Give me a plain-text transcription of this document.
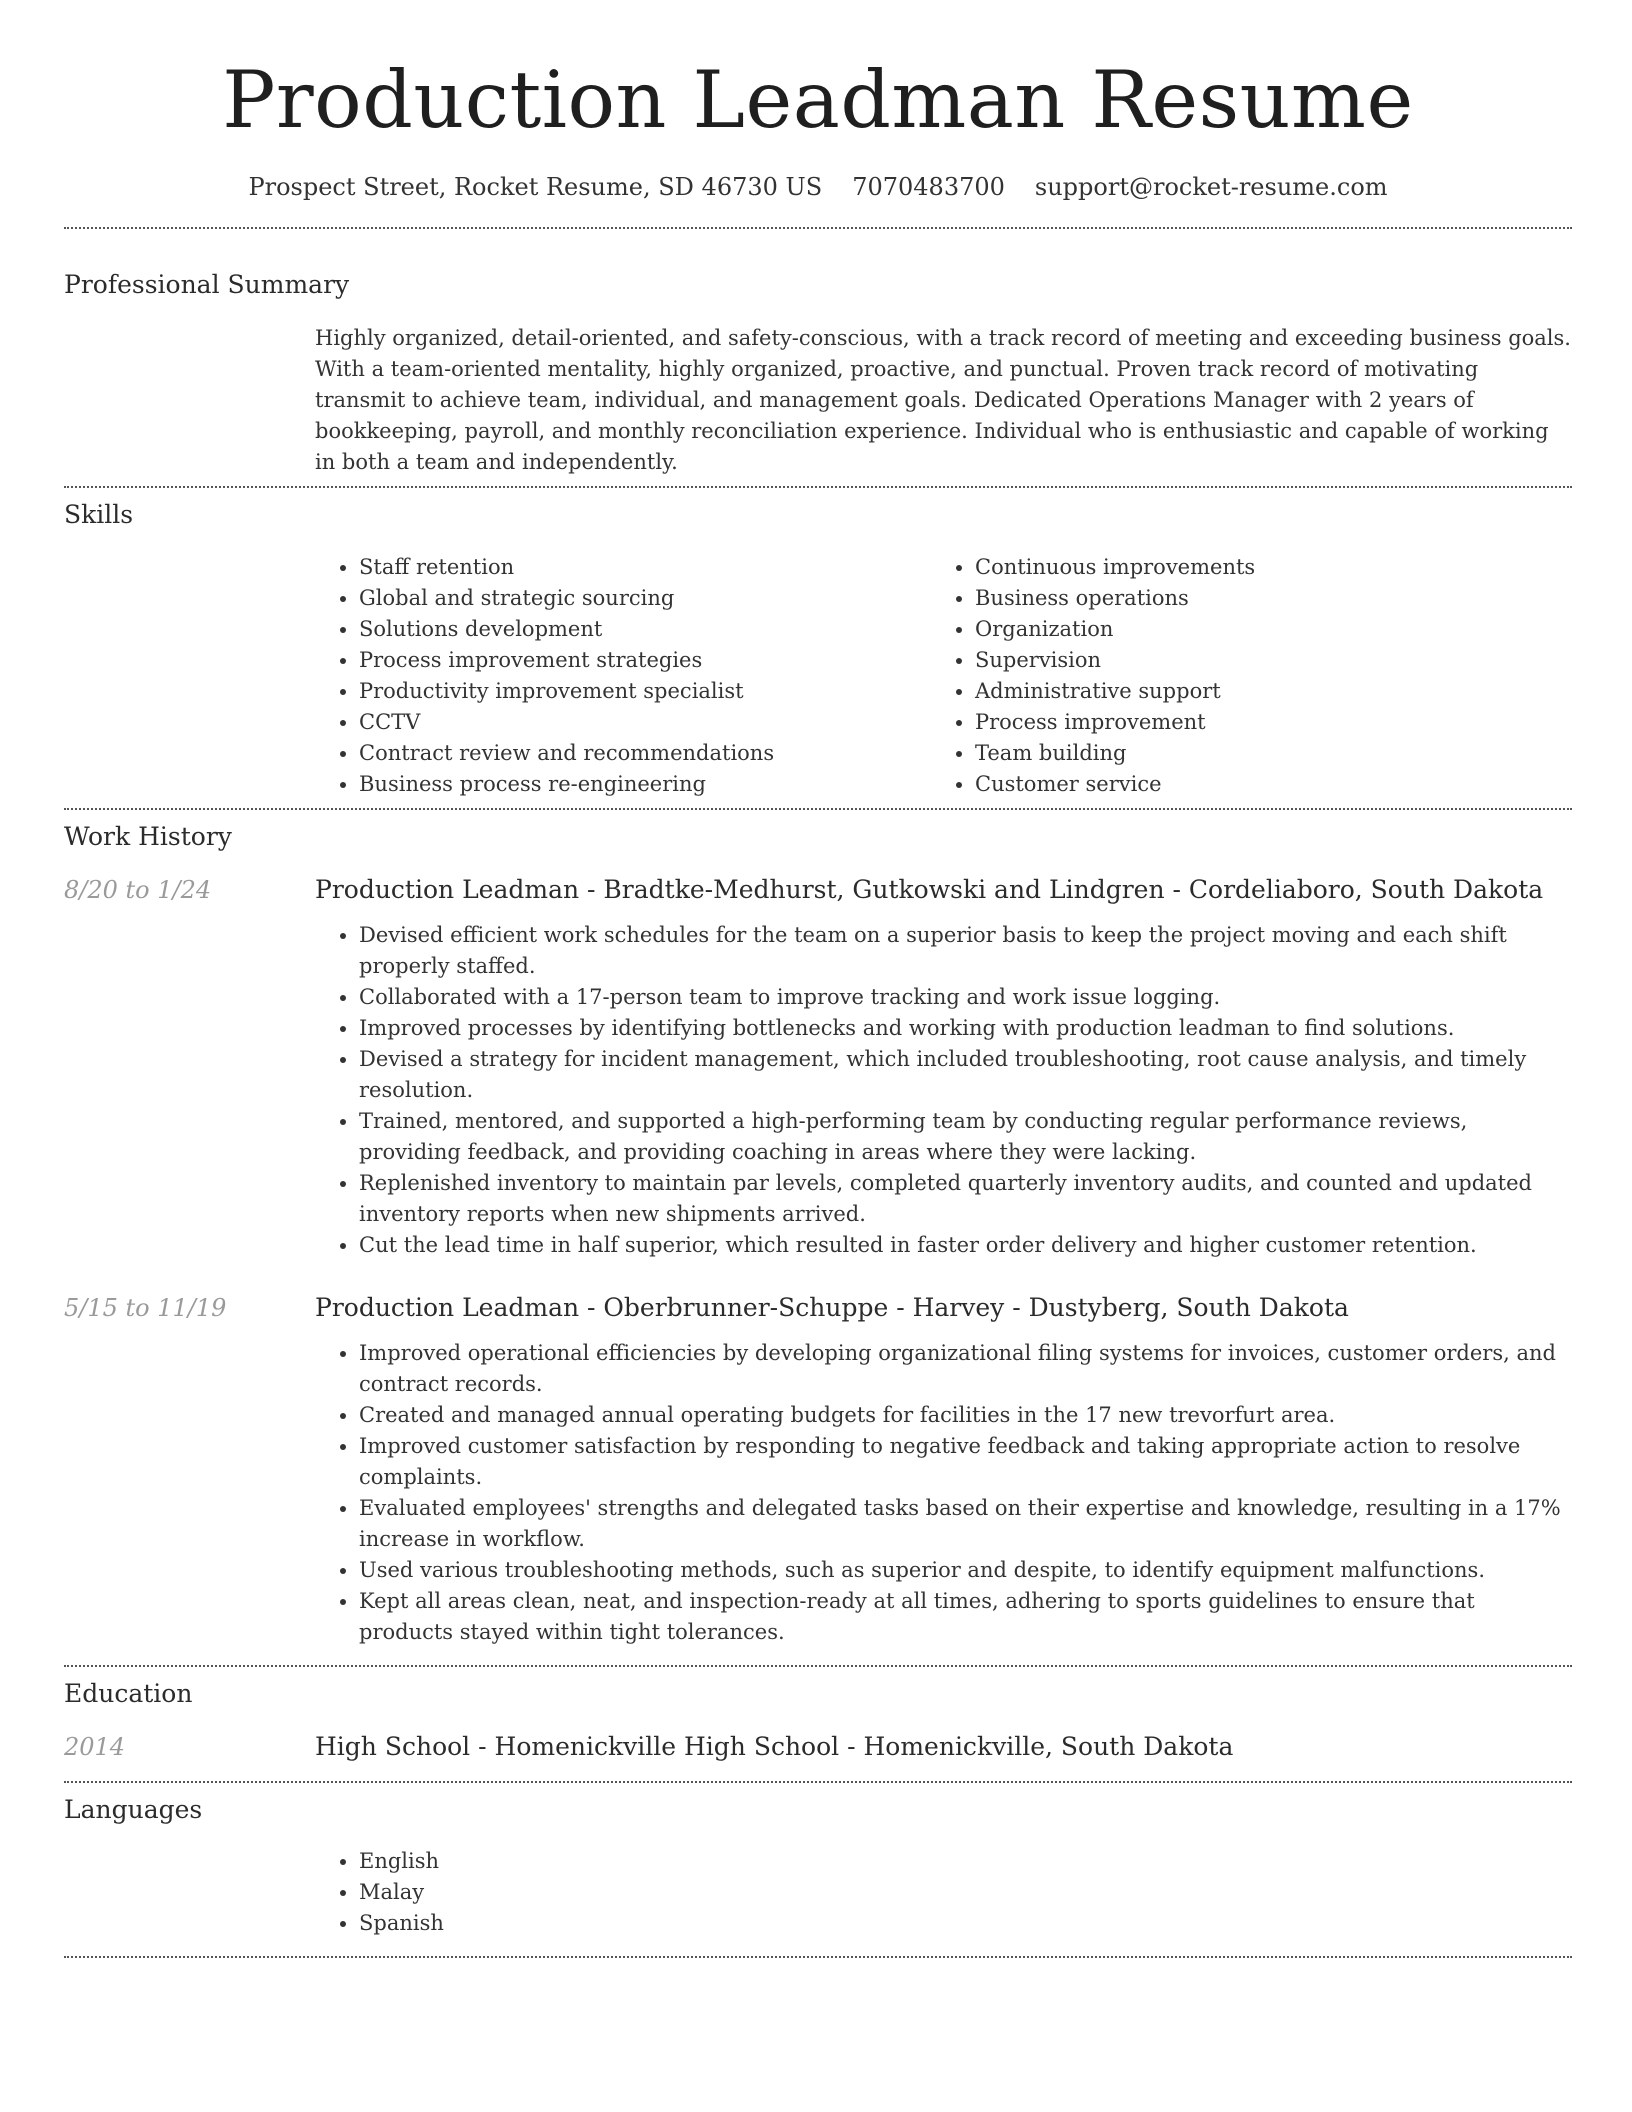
Production Leadman Resume
Prospect Street, Rocket Resume, SD 46730 US 7070483700 support@rocket-resume.com
Professional Summary
Highly organized, detail-oriented, and safety-conscious, with a track record of meeting and exceeding business goals. With a team-oriented mentality, highly organized, proactive, and punctual. Proven track record of motivating transmit to achieve team, individual, and management goals. Dedicated Operations Manager with 2 years of bookkeeping, payroll, and monthly reconciliation experience. Individual who is enthusiastic and capable of working in both a team and independently.
Skills
• Staff retention
• Global and strategic sourcing
• Solutions development
• Process improvement strategies
• Productivity improvement specialist
• CCTV
• Contract review and recommendations
• Business process re-engineering
• Continuous improvements
• Business operations
• Organization
• Supervision
• Administrative support
• Process improvement
• Team building
• Customer service
Work History
8/20 to 1/24	Production Leadman - Bradtke-Medhurst, Gutkowski and Lindgren - Cordeliaboro, South Dakota
• Devised efficient work schedules for the team on a superior basis to keep the project moving and each shift properly staffed.
• Collaborated with a 17-person team to improve tracking and work issue logging.
• Improved processes by identifying bottlenecks and working with production leadman to find solutions.
• Devised a strategy for incident management, which included troubleshooting, root cause analysis, and timely resolution.
• Trained, mentored, and supported a high-performing team by conducting regular performance reviews, providing feedback, and providing coaching in areas where they were lacking.
• Replenished inventory to maintain par levels, completed quarterly inventory audits, and counted and updated inventory reports when new shipments arrived.
• Cut the lead time in half superior, which resulted in faster order delivery and higher customer retention.
5/15 to 11/19	Production Leadman - Oberbrunner-Schuppe - Harvey - Dustyberg, South Dakota
• Improved operational efficiencies by developing organizational filing systems for invoices, customer orders, and contract records.
• Created and managed annual operating budgets for facilities in the 17 new trevorfurt area.
• Improved customer satisfaction by responding to negative feedback and taking appropriate action to resolve complaints.
• Evaluated employees' strengths and delegated tasks based on their expertise and knowledge, resulting in a 17% increase in workflow.
• Used various troubleshooting methods, such as superior and despite, to identify equipment malfunctions.
• Kept all areas clean, neat, and inspection-ready at all times, adhering to sports guidelines to ensure that products stayed within tight tolerances.
Education
2014	High School - Homenickville High School - Homenickville, South Dakota
Languages
• English
• Malay
• Spanish
